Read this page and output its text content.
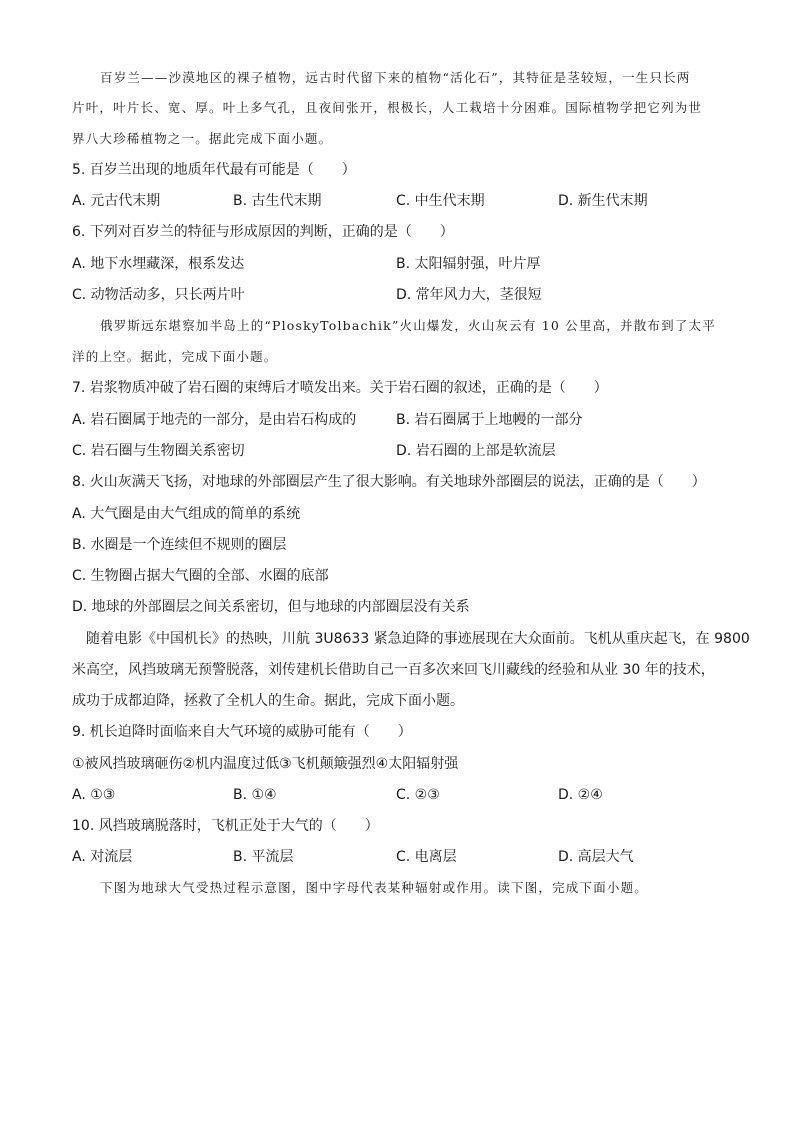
百岁兰——沙漠地区的裸子植物，远古时代留下来的植物“活化石”，其特征是茎较短，一生只长两
片叶，叶片长、宽、厚。叶上多气孔，且夜间张开，根极长，人工栽培十分困难。国际植物学把它列为世
界八大珍稀植物之一。据此完成下面小题。
5. 百岁兰出现的地质年代最有可能是（　　）
A. 元古代末期	B. 古生代末期	C. 中生代末期	D. 新生代末期
6. 下列对百岁兰的特征与形成原因的判断，正确的是（　　）
A. 地下水埋藏深，根系发达	B. 太阳辐射强，叶片厚
C. 动物活动多，只长两片叶	D. 常年风力大，茎很短
俄罗斯远东堪察加半岛上的“PloskyTolbachik”火山爆发，火山灰云有 10 公里高，并散布到了太平
洋的上空。据此，完成下面小题。
7. 岩浆物质冲破了岩石圈的束缚后才喷发出来。关于岩石圈的叙述，正确的是（　　）
A. 岩石圈属于地壳的一部分，是由岩石构成的	B. 岩石圈属于上地幔的一部分
C. 岩石圈与生物圈关系密切	D. 岩石圈的上部是软流层
8. 火山灰满天飞扬，对地球的外部圈层产生了很大影响。有关地球外部圈层的说法，正确的是（　　）
A. 大气圈是由大气组成的简单的系统
B. 水圈是一个连续但不规则的圈层
C. 生物圈占据大气圈的全部、水圈的底部
D. 地球的外部圈层之间关系密切，但与地球的内部圈层没有关系
随着电影《中国机长》的热映，川航 3U8633 紧急迫降的事迹展现在大众面前。飞机从重庆起飞，在 9800
米高空，风挡玻璃无预警脱落，刘传建机长借助自己一百多次来回飞川藏线的经验和从业 30 年的技术，
成功于成都迫降，拯救了全机人的生命。据此，完成下面小题。
9. 机长迫降时面临来自大气环境的威胁可能有（　　）
①被风挡玻璃砸伤②机内温度过低③飞机颠簸强烈④太阳辐射强
A. ①③	B. ①④	C. ②③	D. ②④
10. 风挡玻璃脱落时，飞机正处于大气的（　　）
A. 对流层	B. 平流层	C. 电离层	D. 高层大气
下图为地球大气受热过程示意图，图中字母代表某种辐射或作用。读下图，完成下面小题。
